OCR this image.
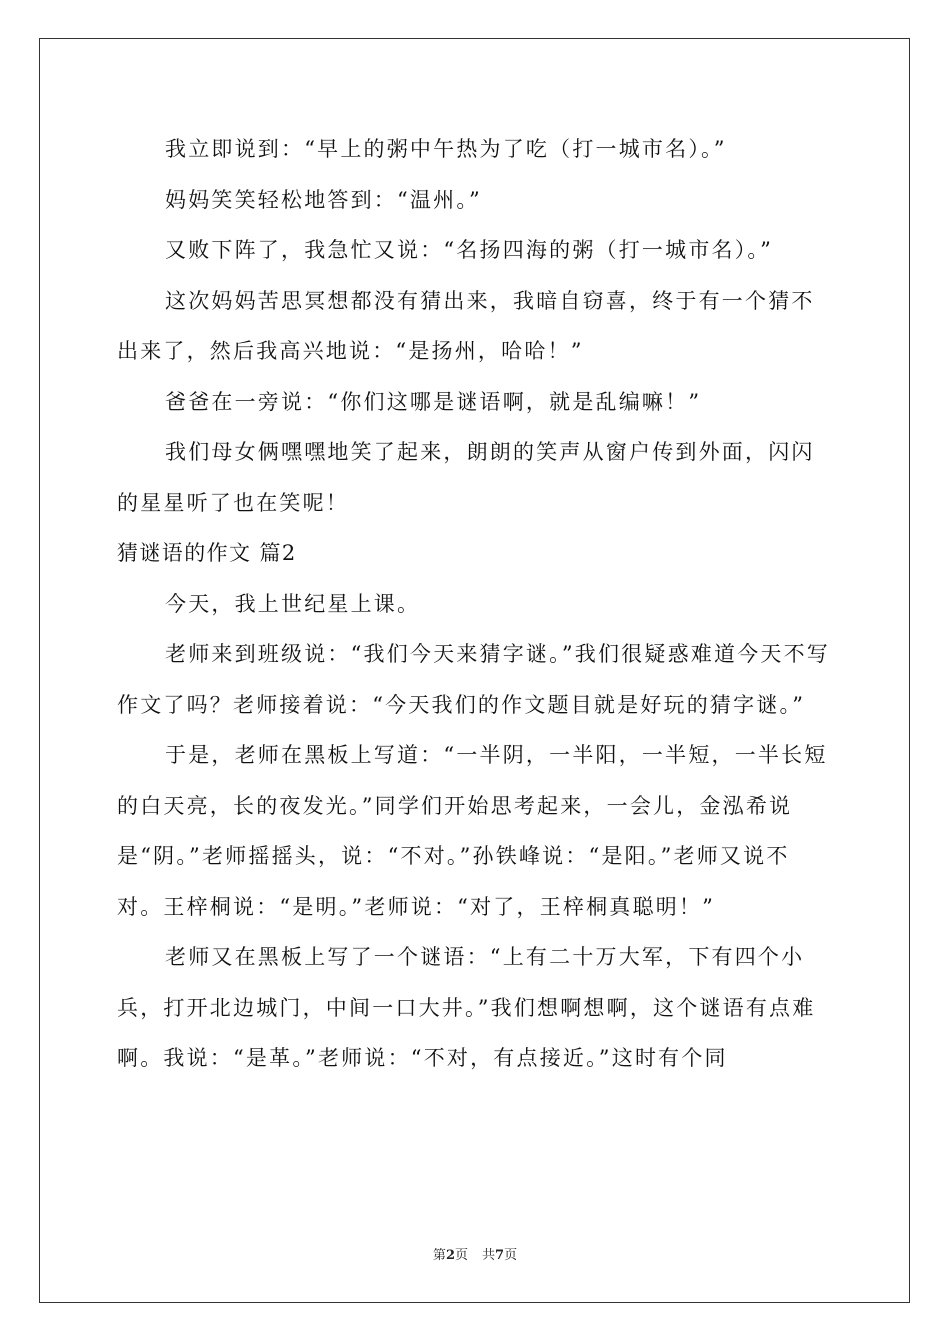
我立即说到：“早上的粥中午热为了吃（打一城市名）。”

妈妈笑笑轻松地答到：“温州。”

又败下阵了，我急忙又说：“名扬四海的粥（打一城市名）。”

这次妈妈苦思冥想都没有猜出来，我暗自窃喜，终于有一个猜不出来了，然后我高兴地说：“是扬州，哈哈！”

爸爸在一旁说：“你们这哪是谜语啊，就是乱编嘛！”

我们母女俩嘿嘿地笑了起来，朗朗的笑声从窗户传到外面，闪闪的星星听了也在笑呢！

猜谜语的作文 篇2

今天，我上世纪星上课。

老师来到班级说：“我们今天来猜字谜。”我们很疑惑难道今天不写作文了吗？老师接着说：“今天我们的作文题目就是好玩的猜字谜。”

于是，老师在黑板上写道：“一半阴，一半阳，一半短，一半长短的白天亮，长的夜发光。”同学们开始思考起来，一会儿，金泓希说是“阴。”老师摇摇头，说：“不对。”孙铁峰说：“是阳。”老师又说不对。王梓桐说：“是明。”老师说：“对了，王梓桐真聪明！”

老师又在黑板上写了一个谜语：“上有二十万大军，下有四个小兵，打开北边城门，中间一口大井。”我们想啊想啊，这个谜语有点难啊。我说：“是革。”老师说：“不对，有点接近。”这时有个同

第2页 共7页
